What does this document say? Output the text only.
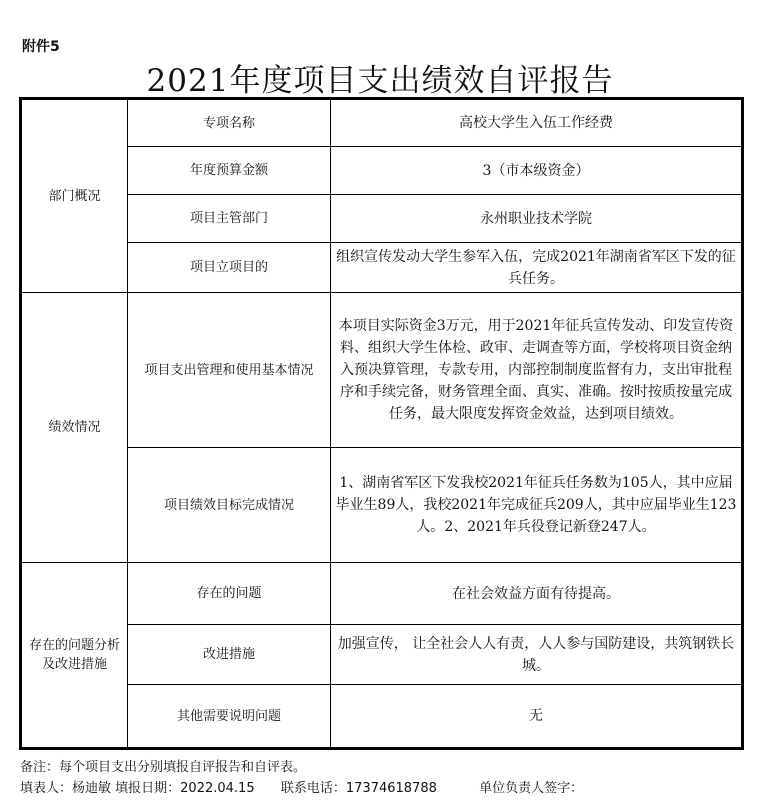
附件5
2021年度项目支出绩效自评报告
部门概况	专项名称	高校大学生入伍工作经费
	年度预算金额	3（市本级资金）
	项目主管部门	永州职业技术学院
	项目立项目的	组织宣传发动大学生参军入伍，完成2021年湖南省军区下发的征兵任务。
绩效情况	项目支出管理和使用基本情况	本项目实际资金3万元，用于2021年征兵宣传发动、印发宣传资料、组织大学生体检、政审、走调查等方面，学校将项目资金纳入预决算管理，专款专用，内部控制制度监督有力，支出审批程序和手续完备，财务管理全面、真实、准确。按时按质按量完成任务，最大限度发挥资金效益，达到项目绩效。
	项目绩效目标完成情况	1、湖南省军区下发我校2021年征兵任务数为105人，其中应届毕业生89人，我校2021年完成征兵209人，其中应届毕业生123人。2、2021年兵役登记新登247人。
存在的问题分析及改进措施	存在的问题	在社会效益方面有待提高。
	改进措施	加强宣传， 让全社会人人有责，人人参与国防建设，共筑钢铁长城。
	其他需要说明问题	无
备注：每个项目支出分别填报自评报告和自评表。
填表人：杨迪敏 填报日期：2022.04.15 联系电话：17374618788	单位负责人签字：
